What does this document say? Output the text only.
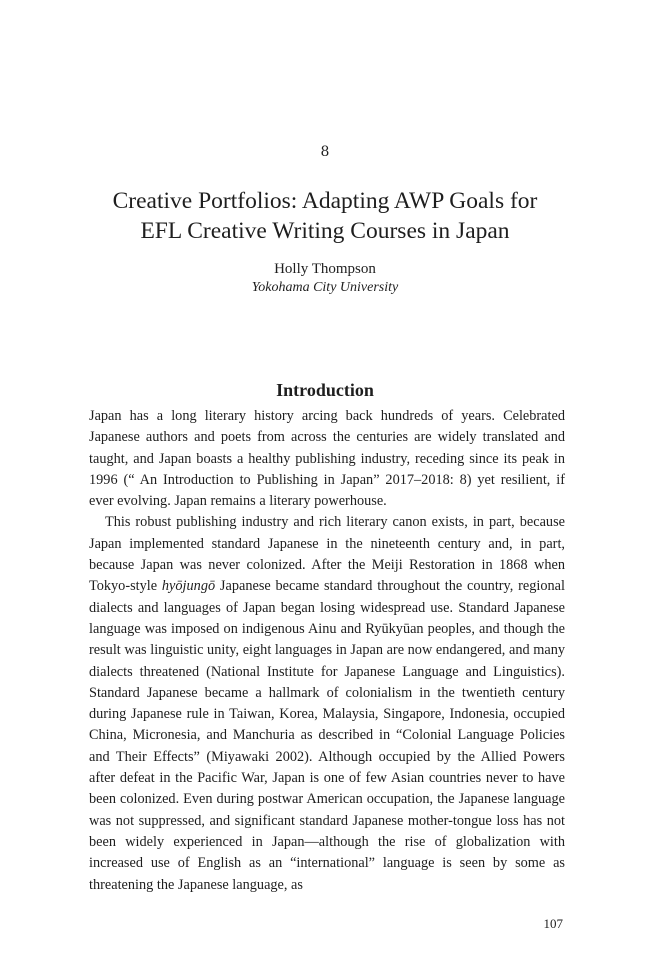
8
Creative Portfolios: Adapting AWP Goals for
EFL Creative Writing Courses in Japan
Holly Thompson
Yokohama City University
Introduction

Japan has a long literary history arcing back hundreds of years. Celebrated Japanese authors and poets from across the centuries are widely translated and taught, and Japan boasts a healthy publishing industry, receding since its peak in 1996 (“ An Introduction to Publishing in Japan” 2017–2018: 8) yet resilient, if ever evolving. Japan remains a literary powerhouse.

This robust publishing industry and rich literary canon exists, in part, because Japan implemented standard Japanese in the nineteenth century and, in part, because Japan was never colonized. After the Meiji Restoration in 1868 when Tokyo-style hyōjungō Japanese became standard throughout the country, regional dialects and languages of Japan began losing widespread use. Standard Japanese language was imposed on indigenous Ainu and Ryūkyūan peoples, and though the result was linguistic unity, eight languages in Japan are now endangered, and many dialects threatened (National Institute for Japanese Language and Linguistics). Standard Japanese became a hallmark of colonialism in the twentieth century during Japanese rule in Taiwan, Korea, Malaysia, Singapore, Indonesia, occupied China, Micronesia, and Manchuria as described in “Colonial Language Policies and Their Effects” (Miyawaki 2002). Although occupied by the Allied Powers after defeat in the Pacific War, Japan is one of few Asian countries never to have been colonized. Even during postwar American occupation, the Japanese language was not suppressed, and significant standard Japanese mother-tongue loss has not been widely experienced in Japan—although the rise of globalization with increased use of English as an “international” language is seen by some as threatening the Japanese language, as

107
